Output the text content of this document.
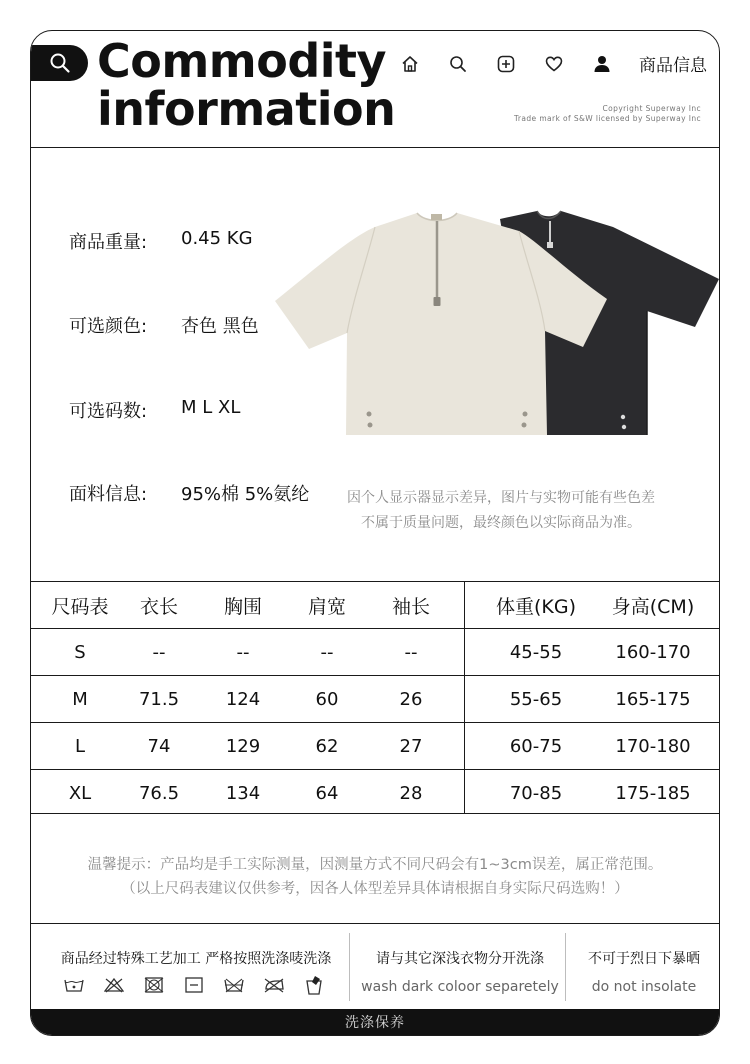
Commodity
information
商品信息
Copyright Superway Inc
Trade mark of S&W licensed by Superway Inc
商品重量:	0.45 KG
可选颜色:	杏色 黑色
可选码数:	M L XL
面料信息:	95%棉 5%氨纶	因个人显示器显示差异，图片与实物可能有些色差
不属于质量问题，最终颜色以实际商品为准。
尺码表	衣长	胸围	肩宽	袖长	体重(KG)	身高(CM)
S	--	--	--	--	45-55	160-170
M	71.5	124	60	26	55-65	165-175
L	74	129	62	27	60-75	170-180
XL	76.5	134	64	28	70-85	175-185
温馨提示：产品均是手工实际测量，因测量方式不同尺码会有1~3cm误差，属正常范围。
（以上尺码表建议仅供参考，因各人体型差异具体请根据自身实际尺码选购！）
商品经过特殊工艺加工 严格按照洗涤唛洗涤	请与其它深浅衣物分开洗涤
wash dark coloor separetely
不可于烈日下暴晒
do not insolate
洗涤保养
